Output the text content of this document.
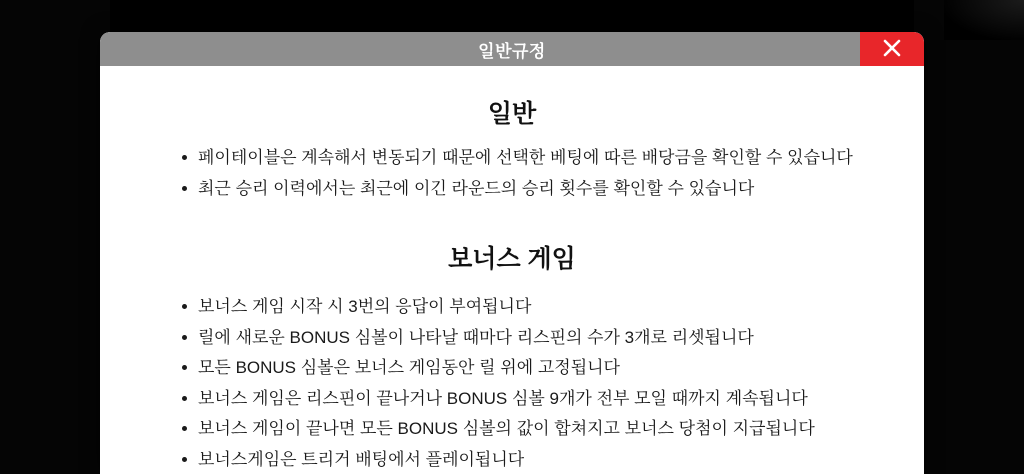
일반규정
일반
페이테이블은 계속해서 변동되기 때문에 선택한 베팅에 따른 배당금을 확인할 수 있습니다
최근 승리 이력에서는 최근에 이긴 라운드의 승리 횟수를 확인할 수 있습니다
보너스 게임
보너스 게임 시작 시 3번의 응답이 부여됩니다
릴에 새로운 BONUS 심볼이 나타날 때마다 리스핀의 수가 3개로 리셋됩니다
모든 BONUS 심볼은 보너스 게임동안 릴 위에 고정됩니다
보너스 게임은 리스핀이 끝나거나 BONUS 심볼 9개가 전부 모일 때까지 계속됩니다
보너스 게임이 끝나면 모든 BONUS 심볼의 값이 합쳐지고 보너스 당첨이 지급됩니다
보너스게임은 트리거 배팅에서 플레이됩니다
